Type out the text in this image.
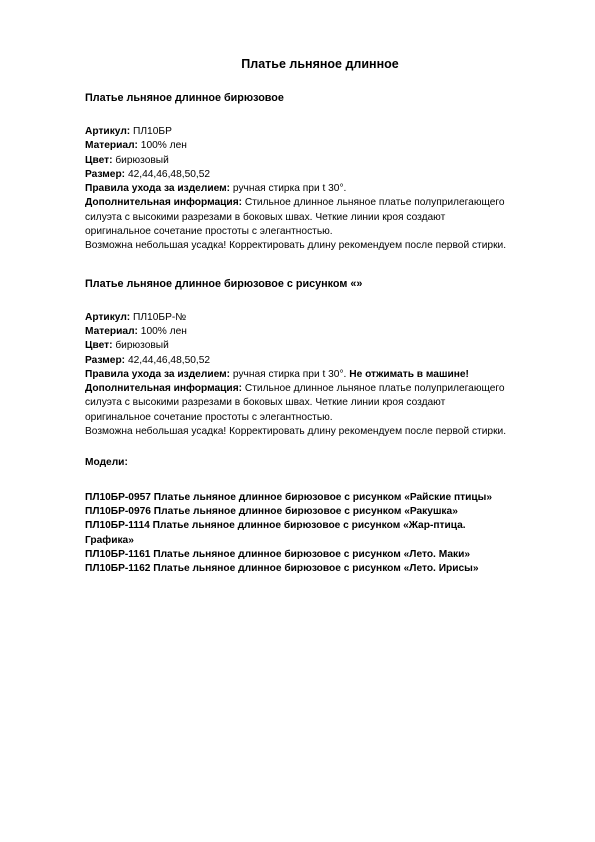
Платье льняное длинное

Платье льняное длинное бирюзовое

Артикул: ПЛ10БР

Материал: 100% лен

Цвет: бирюзовый

Размер: 42,44,46,48,50,52

Правила ухода за изделием: ручная стирка при t 30°.

Дополнительная информация: Стильное длинное льняное платье полуприлегающего

силуэта с высокими разрезами в боковых швах. Четкие линии кроя создают

оригинальное сочетание простоты с элегантностью.

Возможна небольшая усадка! Корректировать длину рекомендуем после первой стирки.

Платье льняное длинное бирюзовое с рисунком «»

Артикул: ПЛ10БР-№

Материал: 100% лен

Цвет: бирюзовый

Размер: 42,44,46,48,50,52

Правила ухода за изделием: ручная стирка при t 30°. Не отжимать в машине!

Дополнительная информация: Стильное длинное льняное платье полуприлегающего

силуэта с высокими разрезами в боковых швах. Четкие линии кроя создают

оригинальное сочетание простоты с элегантностью.

Возможна небольшая усадка! Корректировать длину рекомендуем после первой стирки.

Модели:

ПЛ10БР-0957 Платье льняное длинное бирюзовое с рисунком «Райские птицы»
ПЛ10БР-0976 Платье льняное длинное бирюзовое с рисунком «Ракушка»
ПЛ10БР-1114 Платье льняное длинное бирюзовое с рисунком «Жар-птица.
Графика»
ПЛ10БР-1161 Платье льняное длинное бирюзовое с рисунком «Лето. Маки»
ПЛ10БР-1162 Платье льняное длинное бирюзовое с рисунком «Лето. Ирисы»
